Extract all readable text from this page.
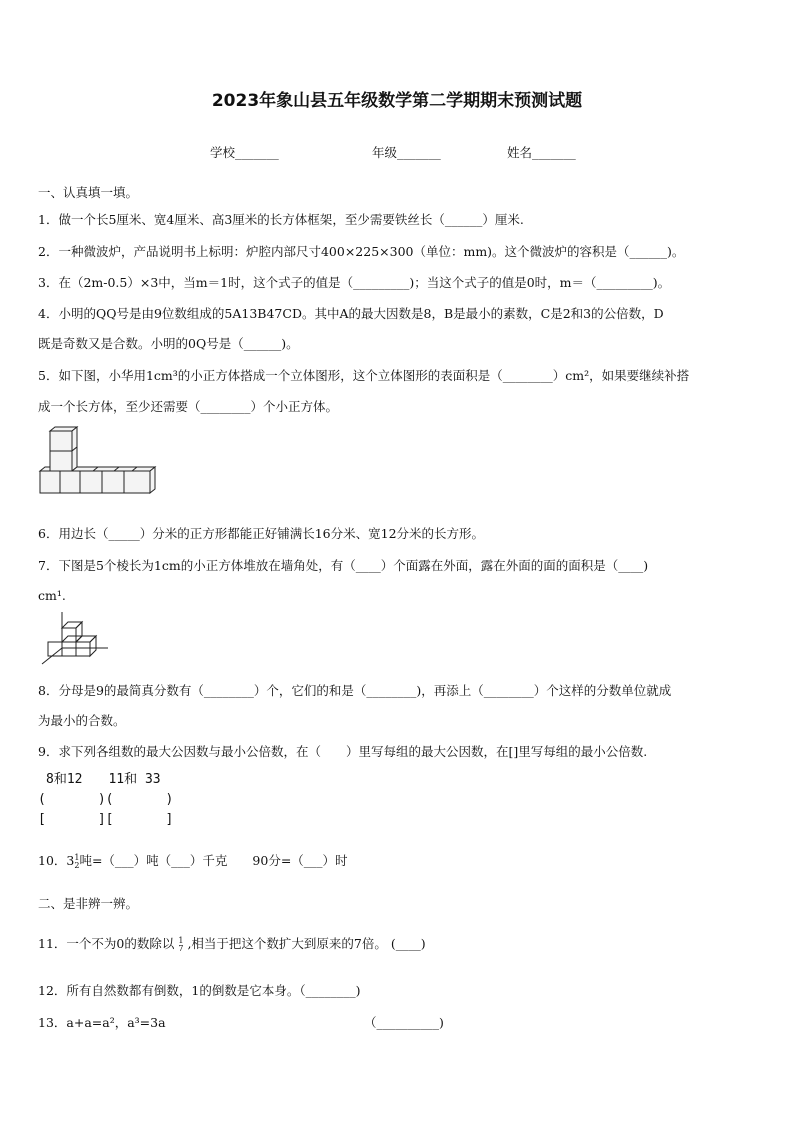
2023年象山县五年级数学第二学期期末预测试题
学校_______	年级_______	姓名_______
一、认真填一填。
1．做一个长5厘米、宽4厘米、高3厘米的长方体框架，至少需要铁丝长（______）厘米.
2．一种微波炉，产品说明书上标明：炉腔内部尺寸400×225×300（单位：mm)。这个微波炉的容积是（______)。
3．在（2m-0.5）×3中，当m＝1时，这个式子的值是（_________)；当这个式子的值是0时，m＝（_________)。
4．小明的QQ号是由9位数组成的5A13B47CD。其中A的最大因数是8，B是最小的素数，C是2和3的公倍数，D
既是奇数又是合数。小明的0Q号是（______)。
5．如下图，小华用1cm³的小正方体搭成一个立体图形，这个立体图形的表面积是（________）cm²，如果要继续补搭
成一个长方体，至少还需要（________）个小正方体。
6．用边长（_____）分米的正方形都能正好铺满长16分米、宽12分米的长方形。
7．下图是5个棱长为1cm的小正方体堆放在墙角处，有（____）个面露在外面，露在外面的面的面积是（____)
cm¹.
8．分母是9的最简真分数有（________）个，它们的和是（________)，再添上（________）个这样的分数单位就成
为最小的合数。
9．求下列各组数的最大公因数与最小公倍数，在（　　）里写每组的最大公因数，在[]里写每组的最小公倍数.
8和12　　11和 33
(　　　　)(　　　　)
[　　　　][　　　　]
10．31
2吨=（___）吨（___）千克　　90分=（___）时
二、是非辨一辨。
11．一个不为0的数除以 1
7 ,相当于把这个数扩大到原来的7倍。 (____)
12．所有自然数都有倒数，1的倒数是它本身。（________)
13．a+a=a²，a³=3a	（__________)
